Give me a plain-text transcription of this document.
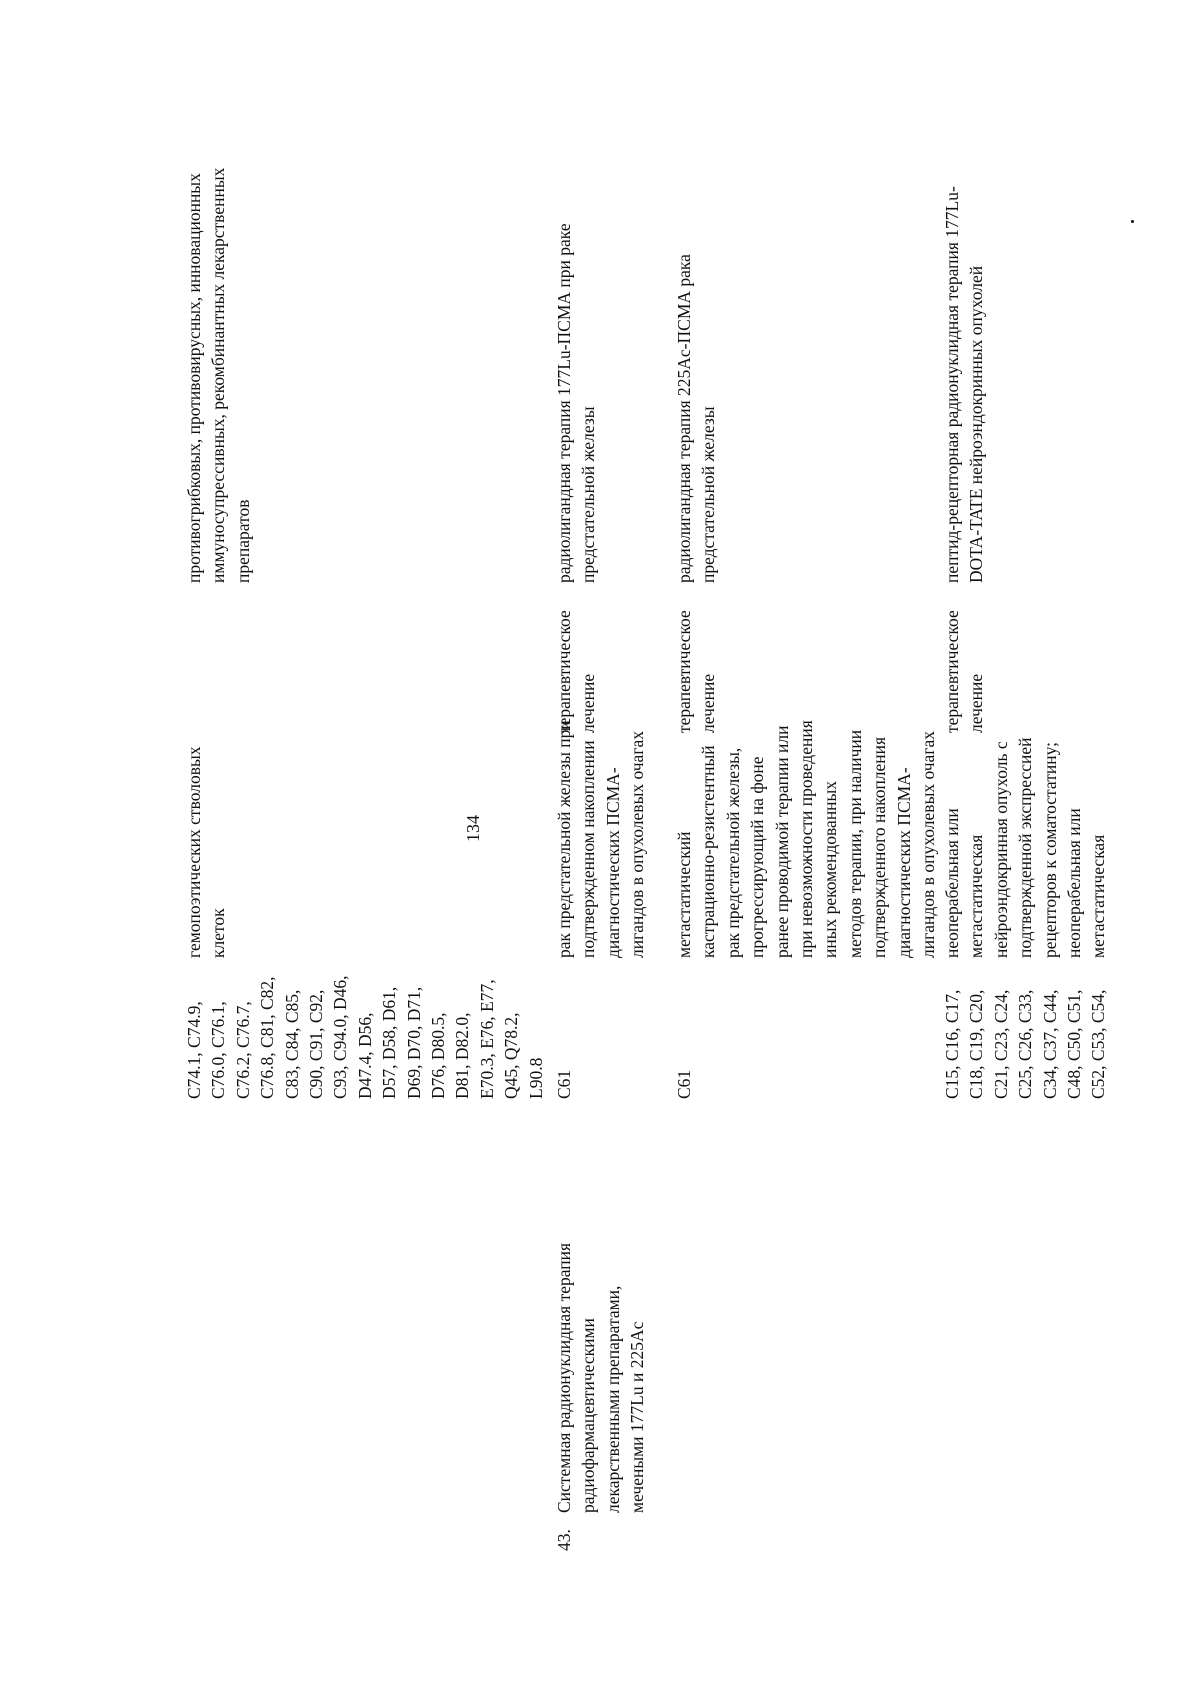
134
C74.1, C74.9, C76.0, C76.1, C76.2, C76.7, C76.8, C81, C82, C83, C84, C85, C90, C91, C92, C93, C94.0, D46, D47.4, D56, D57, D58, D61, D69, D70, D71, D76, D80.5, D81, D82.0, E70.3, E76, E77, Q45, Q78.2, L90.8
гемопоэтических стволовых клеток
противогрибковых, противовирусных, инновационных иммуносупрессивных, рекомбинантных лекарственных препаратов
43.
Системная радионуклидная терапия радиофармацевтическими лекарственными препаратами, мечеными 177Lu и 225Ac
C61
рак предстательной железы при подтвержденном накоплении диагностических ПСМА- лигандов в опухолевых очагах
терапевтическое лечение
радиолигандная терапия 177Lu-ПСМА при раке предстательной железы
C61
метастатический кастрационно-резистентный рак предстательной железы, прогрессирующий на фоне ранее проводимой терапии или при невозможности проведения иных рекомендованных методов терапии, при наличии подтвержденного накопления диагностических ПСМА- лигандов в опухолевых очагах
терапевтическое лечение
радиолигандная терапия 225Ac-ПСМА рака предстательной железы
C15, C16, C17, C18, C19, C20, C21, C23, C24, C25, C26, C33, C34, C37, C44, C48, C50, C51, C52, C53, C54,
неоперабельная или метастатическая нейроэндокринная опухоль с подтвержденной экспрессией рецепторов к соматостатину; неоперабельная или метастатическая
терапевтическое лечение
пептид-рецепторная радионуклидная терапия 177Lu- DOTA-TATE нейроэндокринных опухолей
